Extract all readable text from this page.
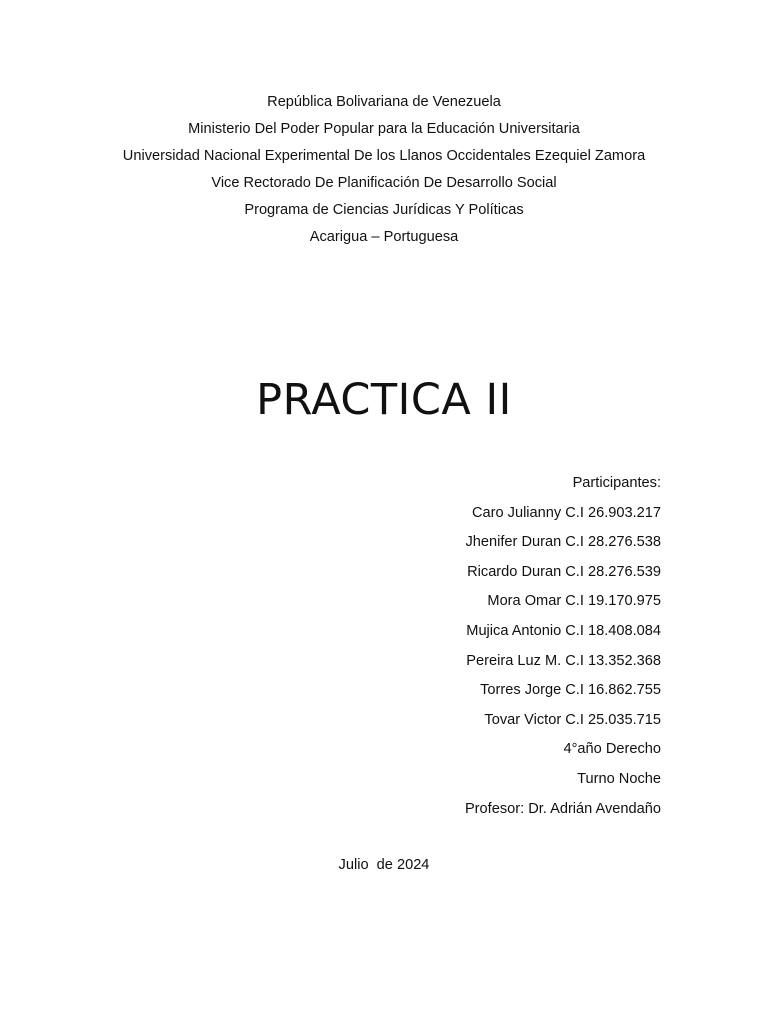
República Bolivariana de Venezuela
Ministerio Del Poder Popular para la Educación Universitaria
Universidad Nacional Experimental De los Llanos Occidentales Ezequiel Zamora
Vice Rectorado De Planificación De Desarrollo Social
Programa de Ciencias Jurídicas Y Políticas
Acarigua – Portuguesa
PRACTICA II
Participantes:
Caro Julianny C.I 26.903.217
Jhenifer Duran C.I 28.276.538
Ricardo Duran C.I 28.276.539
Mora Omar C.I 19.170.975
Mujica Antonio C.I 18.408.084
Pereira Luz M. C.I 13.352.368
Torres Jorge C.I 16.862.755
Tovar Victor C.I 25.035.715
4°año Derecho
Turno Noche
Profesor: Dr. Adrián Avendaño
Julio  de 2024
